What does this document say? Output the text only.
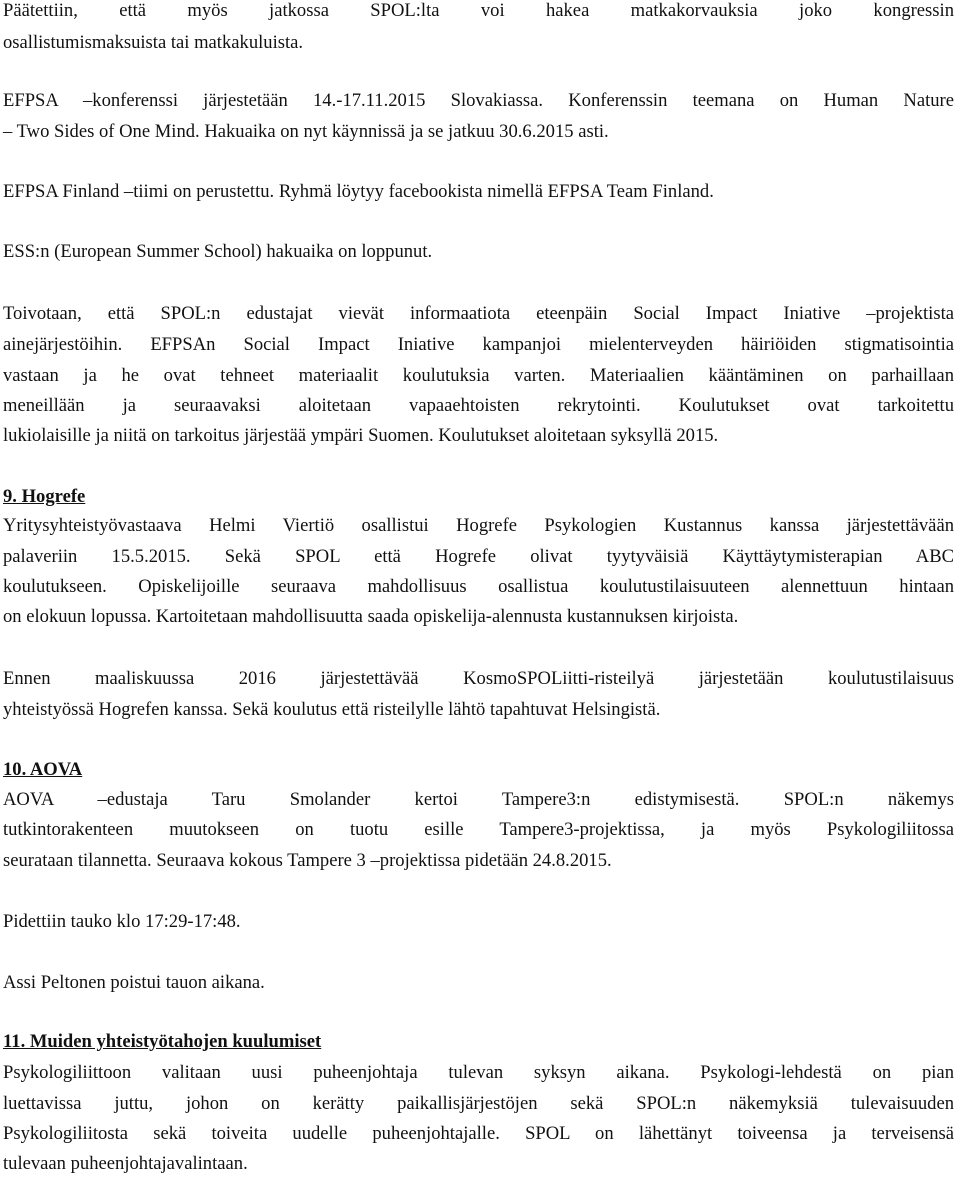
Päätettiin, että myös jatkossa SPOL:lta voi hakea matkakorvauksia joko kongressin
osallistumismaksuista tai matkakuluista.
EFPSA –konferenssi järjestetään 14.-17.11.2015 Slovakiassa. Konferenssin teemana on Human Nature
– Two Sides of One Mind. Hakuaika on nyt käynnissä ja se jatkuu 30.6.2015 asti.
EFPSA Finland –tiimi on perustettu. Ryhmä löytyy facebookista nimellä EFPSA Team Finland.
ESS:n (European Summer School) hakuaika on loppunut.
Toivotaan, että SPOL:n edustajat vievät informaatiota eteenpäin Social Impact Iniative –projektista
ainejärjestöihin. EFPSAn Social Impact Iniative kampanjoi mielenterveyden häiriöiden stigmatisointia
vastaan ja he ovat tehneet materiaalit koulutuksia varten. Materiaalien kääntäminen on parhaillaan
meneillään ja seuraavaksi aloitetaan vapaaehtoisten rekrytointi. Koulutukset ovat tarkoitettu
lukiolaisille ja niitä on tarkoitus järjestää ympäri Suomen. Koulutukset aloitetaan syksyllä 2015.
9. Hogrefe
Yritysyhteistyövastaava Helmi Viertiö osallistui Hogrefe Psykologien Kustannus kanssa järjestettävään
palaveriin 15.5.2015. Sekä SPOL että Hogrefe olivat tyytyväisiä Käyttäytymisterapian ABC
koulutukseen. Opiskelijoille seuraava mahdollisuus osallistua koulutustilaisuuteen alennettuun hintaan
on elokuun lopussa. Kartoitetaan mahdollisuutta saada opiskelija-alennusta kustannuksen kirjoista.
Ennen maaliskuussa 2016 järjestettävää KosmoSPOLiitti-risteilyä järjestetään koulutustilaisuus
yhteistyössä Hogrefen kanssa. Sekä koulutus että risteilylle lähtö tapahtuvat Helsingistä.
10. AOVA
AOVA –edustaja Taru Smolander kertoi Tampere3:n edistymisestä. SPOL:n näkemys
tutkintorakenteen muutokseen on tuotu esille Tampere3-projektissa, ja myös Psykologiliitossa
seurataan tilannetta. Seuraava kokous Tampere 3 –projektissa pidetään 24.8.2015.
Pidettiin tauko klo 17:29-17:48.
Assi Peltonen poistui tauon aikana.
11. Muiden yhteistyötahojen kuulumiset
Psykologiliittoon valitaan uusi puheenjohtaja tulevan syksyn aikana. Psykologi-lehdestä on pian
luettavissa juttu, johon on kerätty paikallisjärjestöjen sekä SPOL:n näkemyksiä tulevaisuuden
Psykologiliitosta sekä toiveita uudelle puheenjohtajalle. SPOL on lähettänyt toiveensa ja terveisensä
tulevaan puheenjohtajavalintaan.
